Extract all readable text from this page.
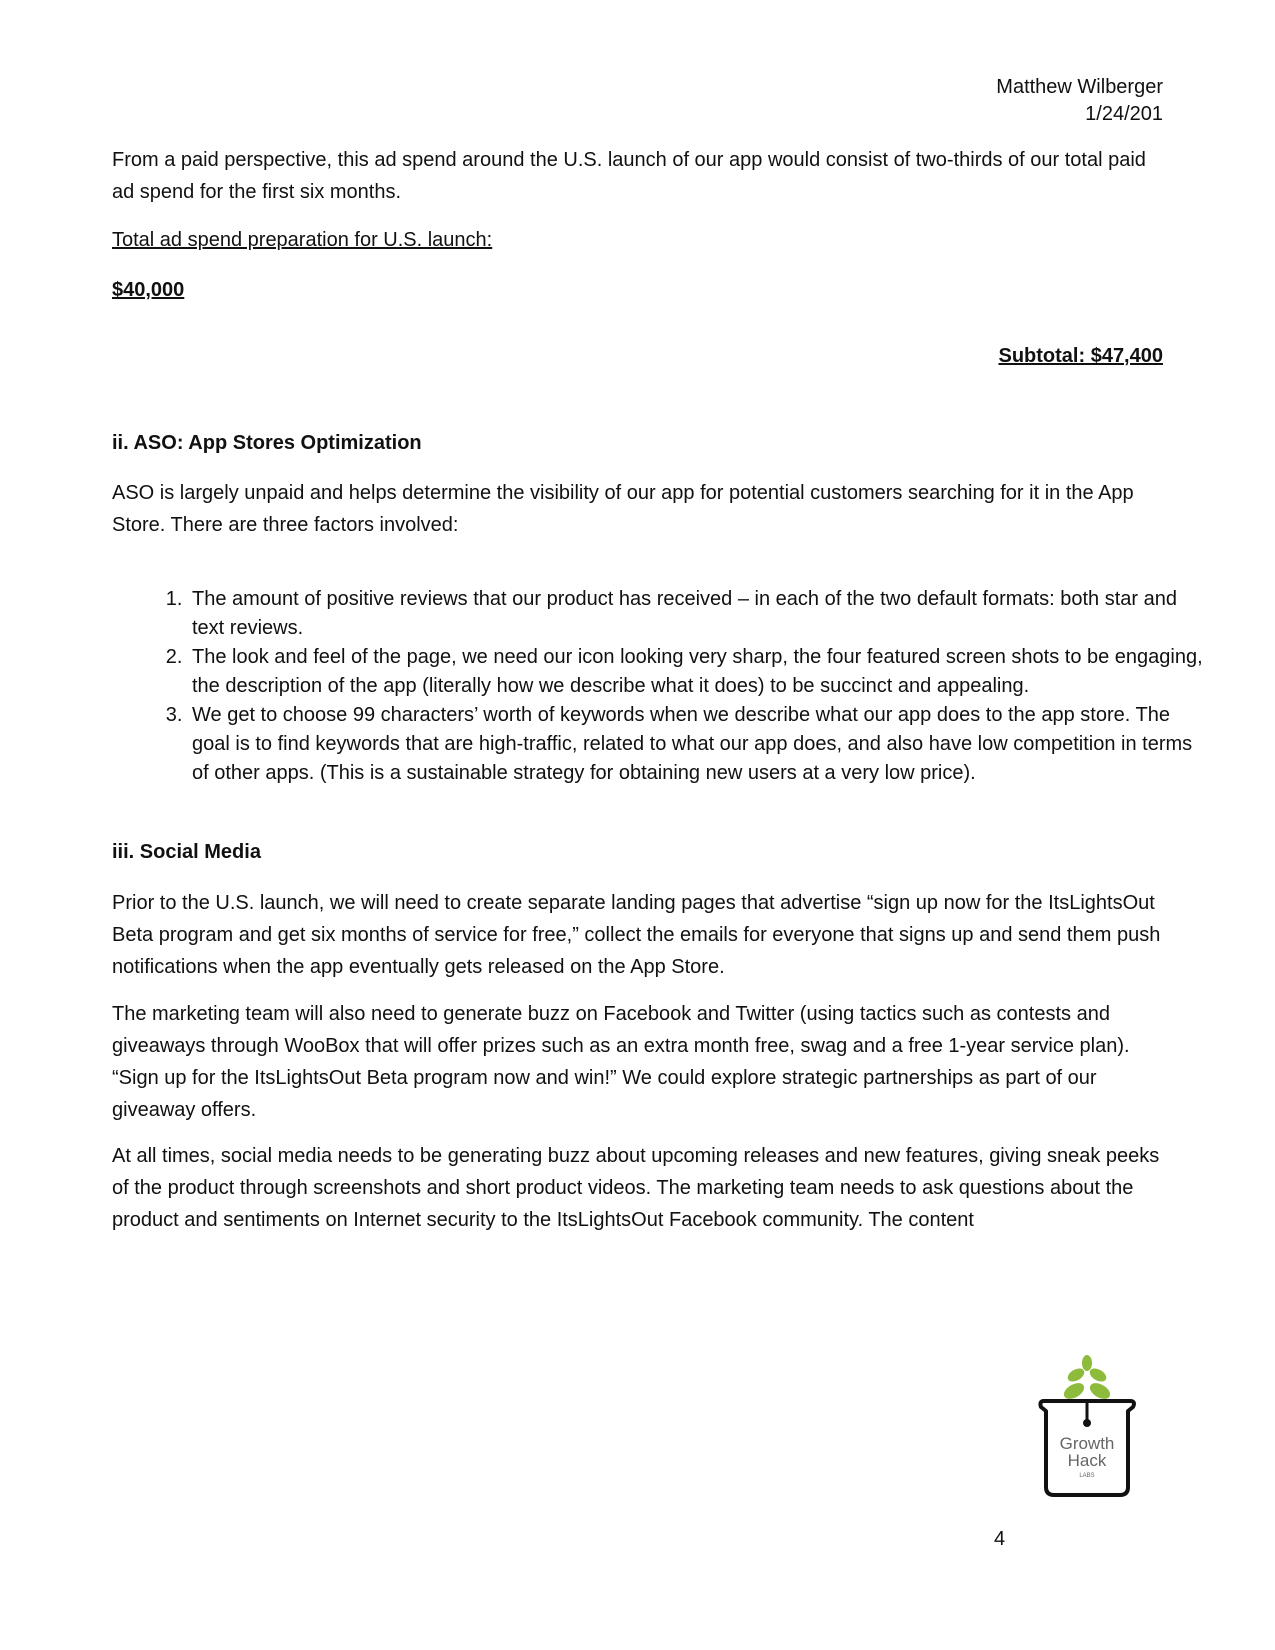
Matthew Wilberger
1/24/201

From a paid perspective, this ad spend around the U.S. launch of our app would consist of two-thirds of our total paid ad spend for the first six months.

Total ad spend preparation for U.S. launch:

$40,000

Subtotal: $47,400

ii. ASO: App Stores Optimization

ASO is largely unpaid and helps determine the visibility of our app for potential customers searching for it in the App Store. There are three factors involved:

1. The amount of positive reviews that our product has received – in each of the two default formats: both star and text reviews.
2. The look and feel of the page, we need our icon looking very sharp, the four featured screen shots to be engaging, the description of the app (literally how we describe what it does) to be succinct and appealing.
3. We get to choose 99 characters’ worth of keywords when we describe what our app does to the app store. The goal is to find keywords that are high-traffic, related to what our app does, and also have low competition in terms of other apps. (This is a sustainable strategy for obtaining new users at a very low price).

iii. Social Media

Prior to the U.S. launch, we will need to create separate landing pages that advertise “sign up now for the ItsLightsOut Beta program and get six months of service for free,” collect the emails for everyone that signs up and send them push notifications when the app eventually gets released on the App Store.

The marketing team will also need to generate buzz on Facebook and Twitter (using tactics such as contests and giveaways through WooBox that will offer prizes such as an extra month free, swag and a free 1-year service plan). “Sign up for the ItsLightsOut Beta program now and win!” We could explore strategic partnerships as part of our giveaway offers.

At all times, social media needs to be generating buzz about upcoming releases and new features, giving sneak peeks of the product through screenshots and short product videos. The marketing team needs to ask questions about the product and sentiments on Internet security to the ItsLightsOut Facebook community. The content

Growth
Hack
LABS
4
